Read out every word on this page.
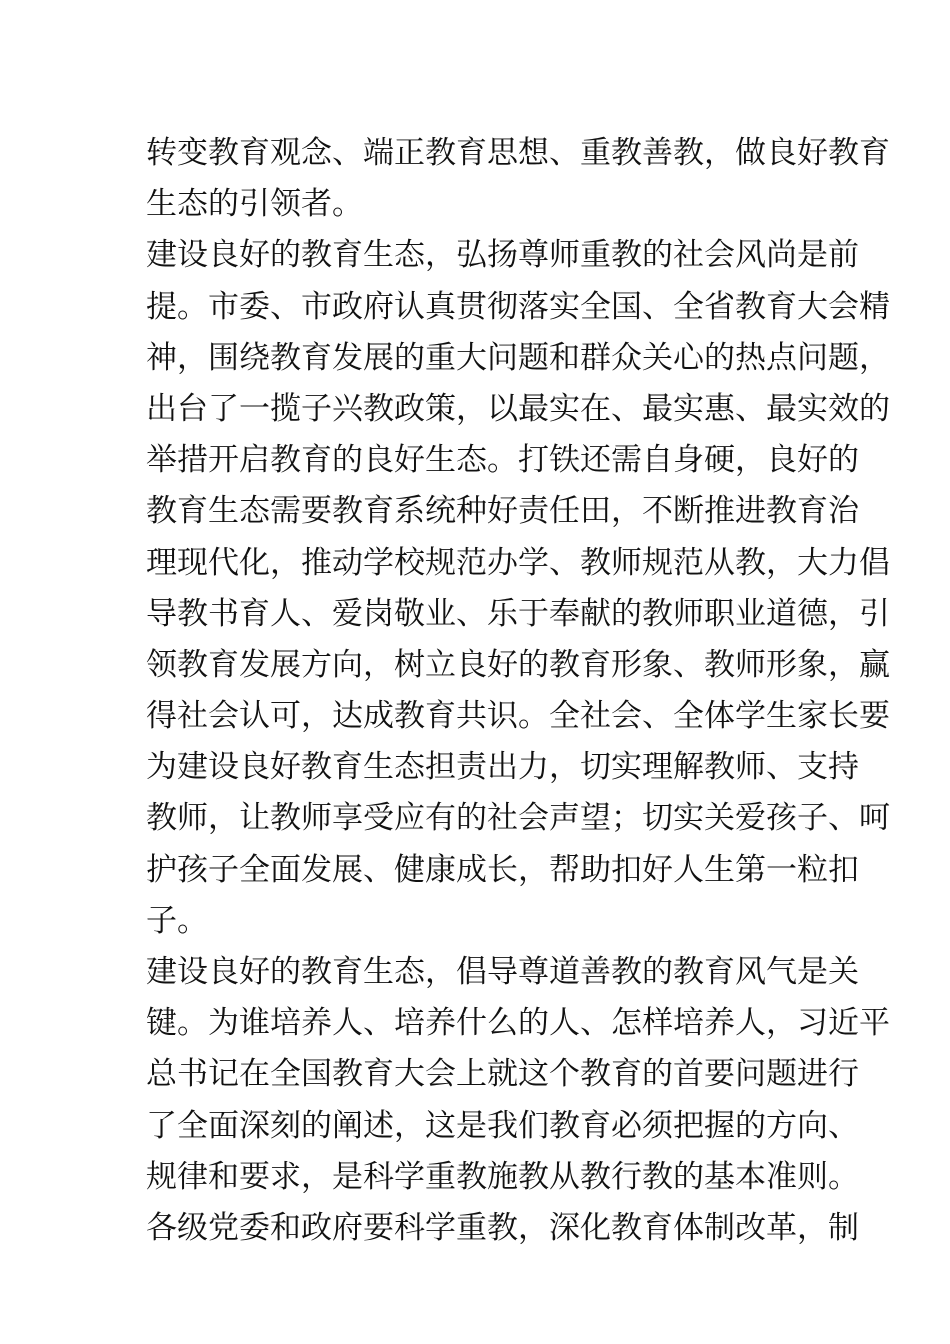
转变教育观念、端正教育思想、重教善教，做良好教育
生态的引领者。
建设良好的教育生态，弘扬尊师重教的社会风尚是前
提。市委、市政府认真贯彻落实全国、全省教育大会精
神，围绕教育发展的重大问题和群众关心的热点问题，
出台了一揽子兴教政策，以最实在、最实惠、最实效的
举措开启教育的良好生态。打铁还需自身硬，良好的
教育生态需要教育系统种好责任田，不断推进教育治
理现代化，推动学校规范办学、教师规范从教，大力倡
导教书育人、爱岗敬业、乐于奉献的教师职业道德，引
领教育发展方向，树立良好的教育形象、教师形象，赢
得社会认可，达成教育共识。全社会、全体学生家长要
为建设良好教育生态担责出力，切实理解教师、支持
教师，让教师享受应有的社会声望；切实关爱孩子、呵
护孩子全面发展、健康成长，帮助扣好人生第一粒扣
子。
建设良好的教育生态，倡导尊道善教的教育风气是关
键。为谁培养人、培养什么的人、怎样培养人，习近平
总书记在全国教育大会上就这个教育的首要问题进行
了全面深刻的阐述，这是我们教育必须把握的方向、
规律和要求，是科学重教施教从教行教的基本准则。
各级党委和政府要科学重教，深化教育体制改革，制
